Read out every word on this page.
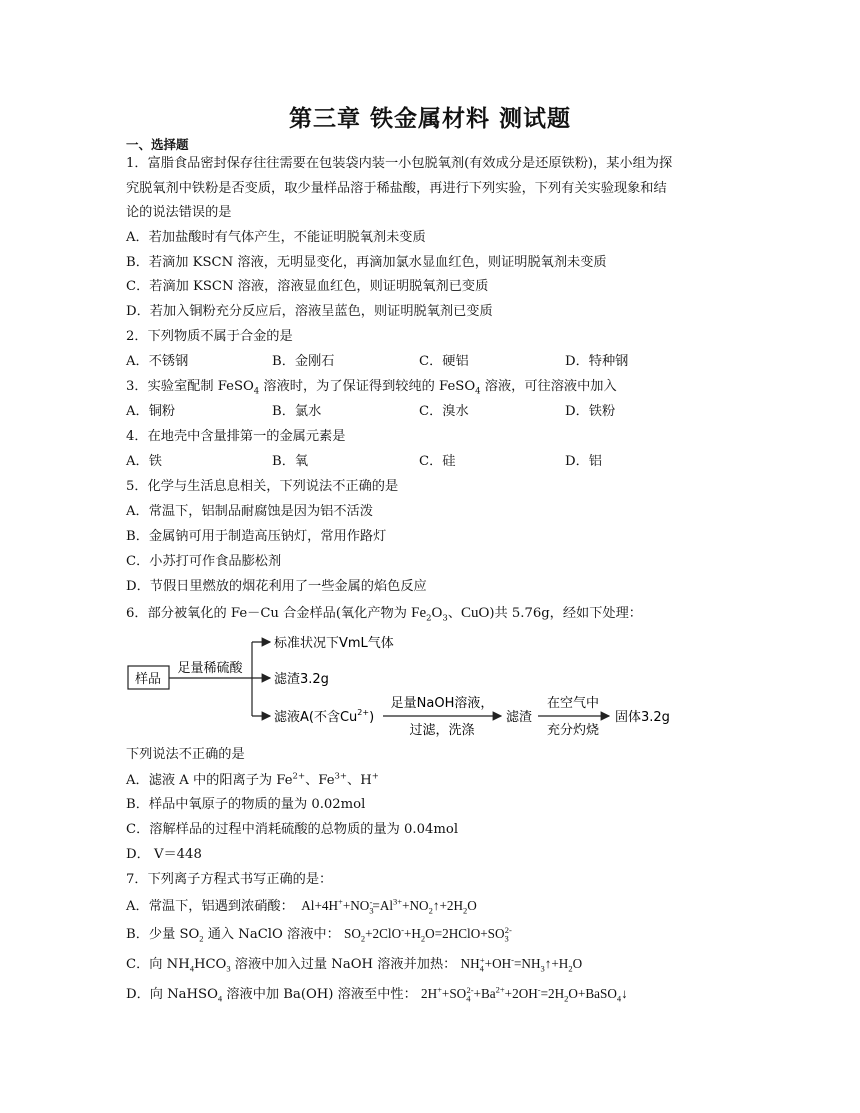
第三章 铁金属材料 测试题
一、选择题
1．富脂食品密封保存往往需要在包装袋内装一小包脱氧剂(有效成分是还原铁粉)，某小组为探
究脱氧剂中铁粉是否变质，取少量样品溶于稀盐酸，再进行下列实验，下列有关实验现象和结
论的说法错误的是
A．若加盐酸时有气体产生，不能证明脱氧剂未变质
B．若滴加 KSCN 溶液，无明显变化，再滴加氯水显血红色，则证明脱氧剂未变质
C．若滴加 KSCN 溶液，溶液显血红色，则证明脱氧剂已变质
D．若加入铜粉充分反应后，溶液呈蓝色，则证明脱氧剂已变质
2．下列物质不属于合金的是
A．不锈钢	B．金刚石	C．硬铝	D．特种钢
3．实验室配制 FeSO$_4$ 溶液时，为了保证得到较纯的 FeSO$_4$ 溶液，可往溶液中加入
A．铜粉	B．氯水	C．溴水	D．铁粉
4．在地壳中含量排第一的金属元素是
A．铁	B．氧	C．硅	D．铝
5．化学与生活息息相关，下列说法不正确的是
A．常温下，铝制品耐腐蚀是因为铝不活泼
B．金属钠可用于制造高压钠灯，常用作路灯
C．小苏打可作食品膨松剂
D．节假日里燃放的烟花利用了一些金属的焰色反应
6．部分被氧化的 Fe－Cu 合金样品(氧化产物为 $Fe_2O_3$、CuO)共 5.76g，经如下处理：
样品
足量稀硫酸
标准状况下VmL气体
滤渣3.2g
滤液A(不含$Cu^{2+}$)
足量NaOH溶液，
过滤，洗涤
滤渣
在空气中
充分灼烧
固体3.2g
下列说法不正确的是
A．滤液 A 中的阳离子为 $Fe^{2+}$、$Fe^{3+}$、H+
B．样品中氧原子的物质的量为 0.02mol
C．溶解样品的过程中消耗硫酸的总物质的量为 0.04mol
D． V＝448
7．下列离子方程式书写正确的是：
A．常温下，铝遇到浓硝酸：  $Al+4H^++NO_3^-=Al^{3+}+NO_2↑+2H_2O$
B．少量 $SO_2$ 通入 NaClO 溶液中： $SO_2+2ClO^-+H_2O=2HClO+SO_3^{2-}$
C．向 $NH_4HCO_3$ 溶液中加入过量 NaOH 溶液并加热： $NH_4^++OH^-=NH_3↑+H_2O$
D．向 NaHSO$_4$ 溶液中加 Ba(OH) 溶液至中性： $2H^++SO_4^{2-}+Ba^{2+}+2OH^-=2H_2O+BaSO_4↓$
